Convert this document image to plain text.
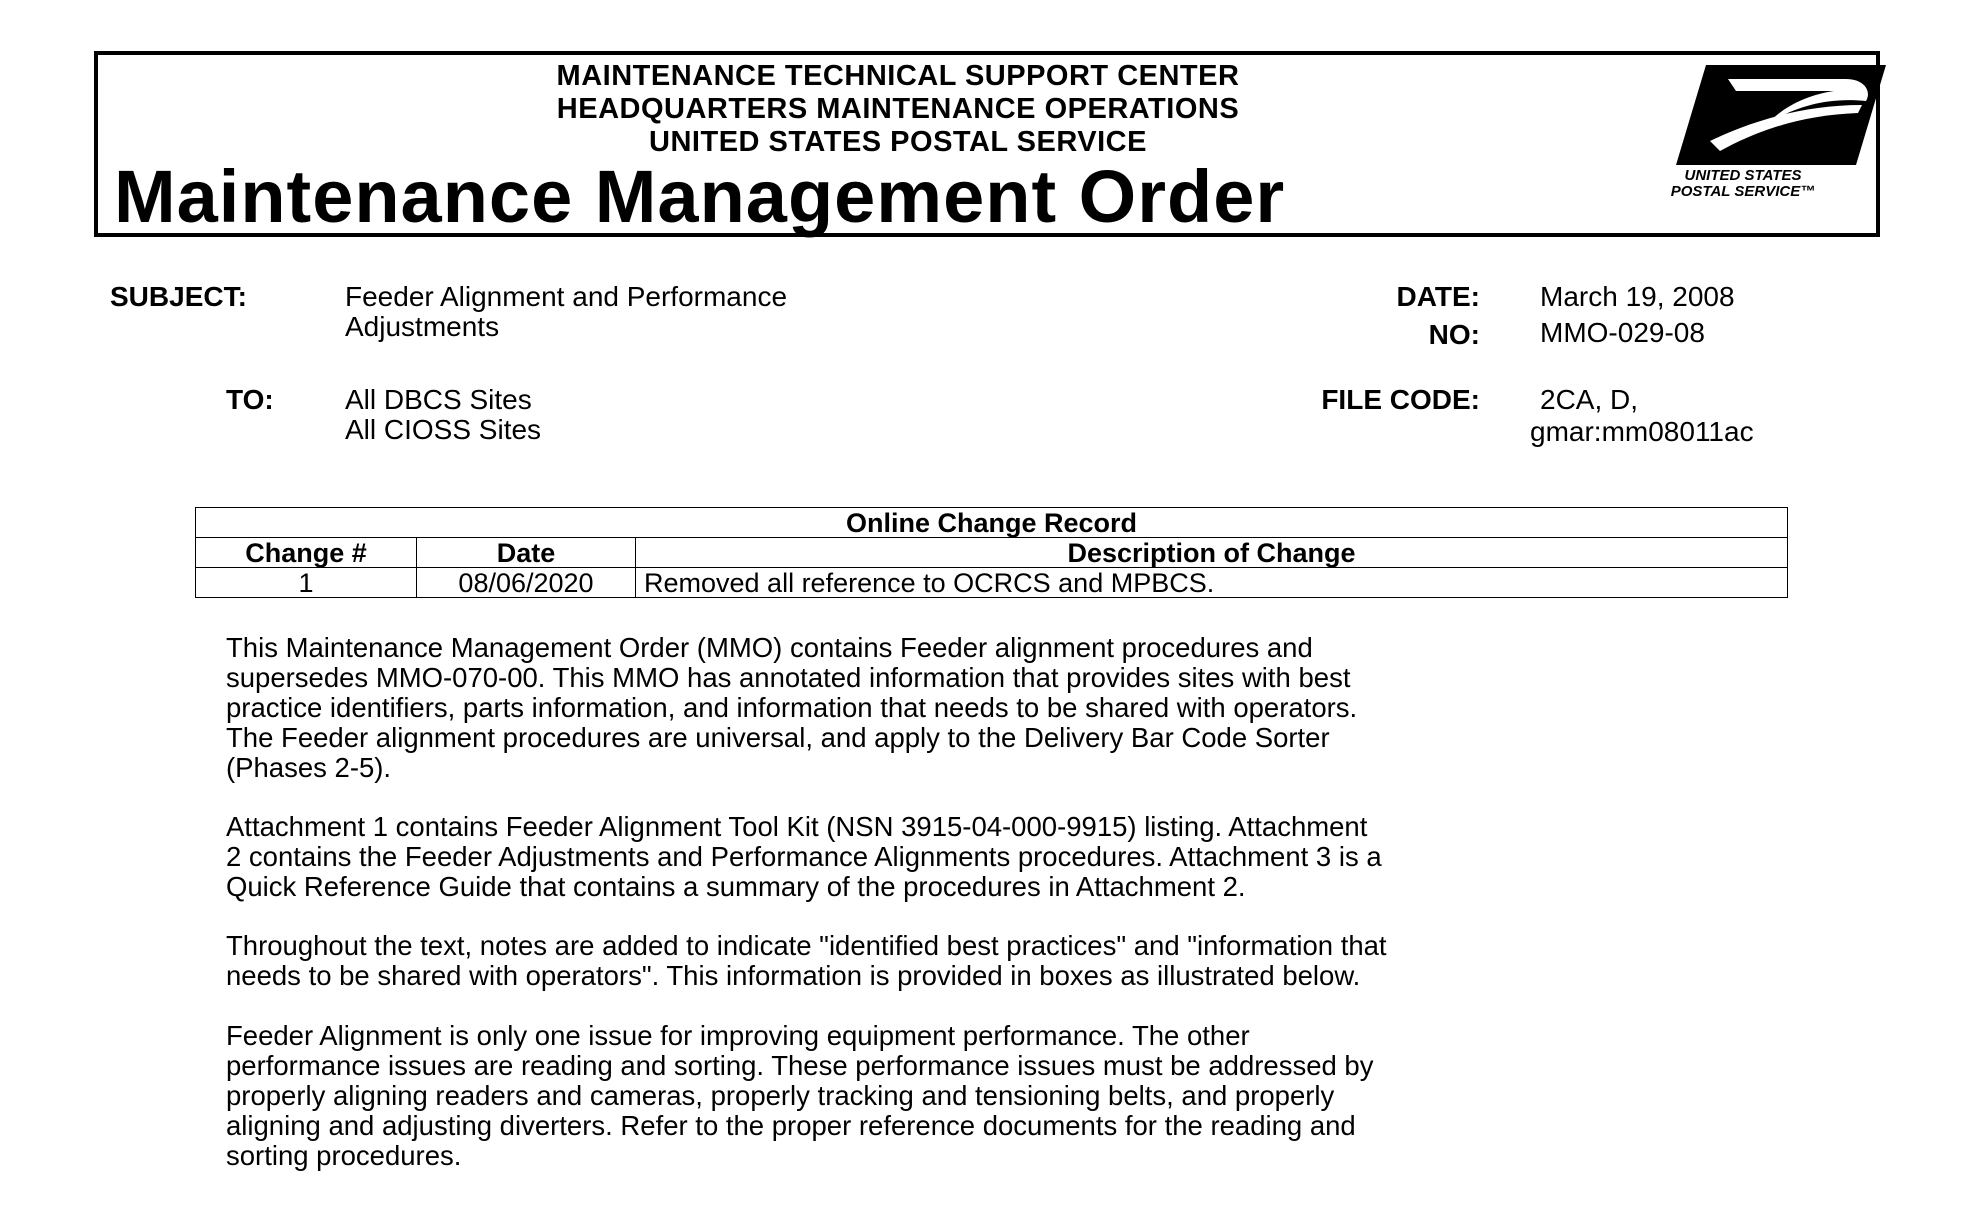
MAINTENANCE TECHNICAL SUPPORT CENTER
HEADQUARTERS MAINTENANCE OPERATIONS
UNITED STATES POSTAL SERVICE
Maintenance Management Order	UNITED STATES
POSTAL SERVICE™
SUBJECT:	Feeder Alignment and Performance
Adjustments
TO:	All DBCS Sites
All CIOSS Sites
DATE: March 19, 2008
NO: MMO-029-08
FILE CODE: 2CA, D,
gmar:mm08011ac
Online Change Record		
Change #	Date	Description of Change
1	08/06/2020	Removed all reference to OCRCS and MPBCS.

This Maintenance Management Order (MMO) contains Feeder alignment procedures and
supersedes MMO-070-00. This MMO has annotated information that provides sites with best
practice identifiers, parts information, and information that needs to be shared with operators.
The Feeder alignment procedures are universal, and apply to the Delivery Bar Code Sorter
(Phases 2-5).

Attachment 1 contains Feeder Alignment Tool Kit (NSN 3915-04-000-9915) listing. Attachment
2 contains the Feeder Adjustments and Performance Alignments procedures. Attachment 3 is a
Quick Reference Guide that contains a summary of the procedures in Attachment 2.

Throughout the text, notes are added to indicate "identified best practices" and "information that
needs to be shared with operators". This information is provided in boxes as illustrated below.

Feeder Alignment is only one issue for improving equipment performance. The other
performance issues are reading and sorting. These performance issues must be addressed by
properly aligning readers and cameras, properly tracking and tensioning belts, and properly
aligning and adjusting diverters. Refer to the proper reference documents for the reading and
sorting procedures.
